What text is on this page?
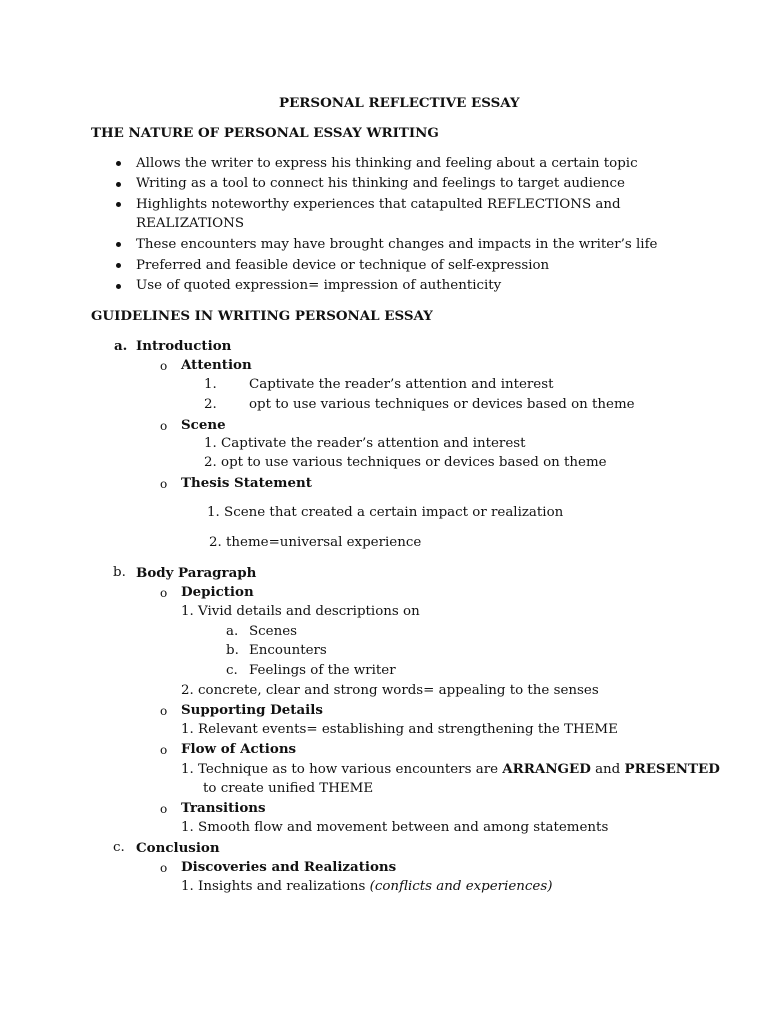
PERSONAL REFLECTIVE ESSAY
THE NATURE OF PERSONAL ESSAY WRITING
Allows the writer to express his thinking and feeling about a certain topic
Writing as a tool to connect his thinking and feelings to target audience
Highlights noteworthy experiences that catapulted REFLECTIONS and
REALIZATIONS
These encounters may have brought changes and impacts in the writer’s life
Preferred and feasible device or technique of self-expression
Use of quoted expression= impression of authenticity
GUIDELINES IN WRITING PERSONAL ESSAY
a. Introduction
o Attention
1. Captivate the reader’s attention and interest
2. opt to use various techniques or devices based on theme
o Scene
1. Captivate the reader’s attention and interest
2. opt to use various techniques or devices based on theme
o Thesis Statement
1. Scene that created a certain impact or realization
2. theme=universal experience
b. Body Paragraph
o Depiction
1. Vivid details and descriptions on
a. Scenes
b. Encounters
c. Feelings of the writer
2. concrete, clear and strong words= appealing to the senses
o Supporting Details
1. Relevant events= establishing and strengthening the THEME
o Flow of Actions
1. Technique as to how various encounters are ARRANGED and PRESENTED
to create unified THEME
o Transitions
1. Smooth flow and movement between and among statements
c. Conclusion
o Discoveries and Realizations
1. Insights and realizations (conflicts and experiences)
